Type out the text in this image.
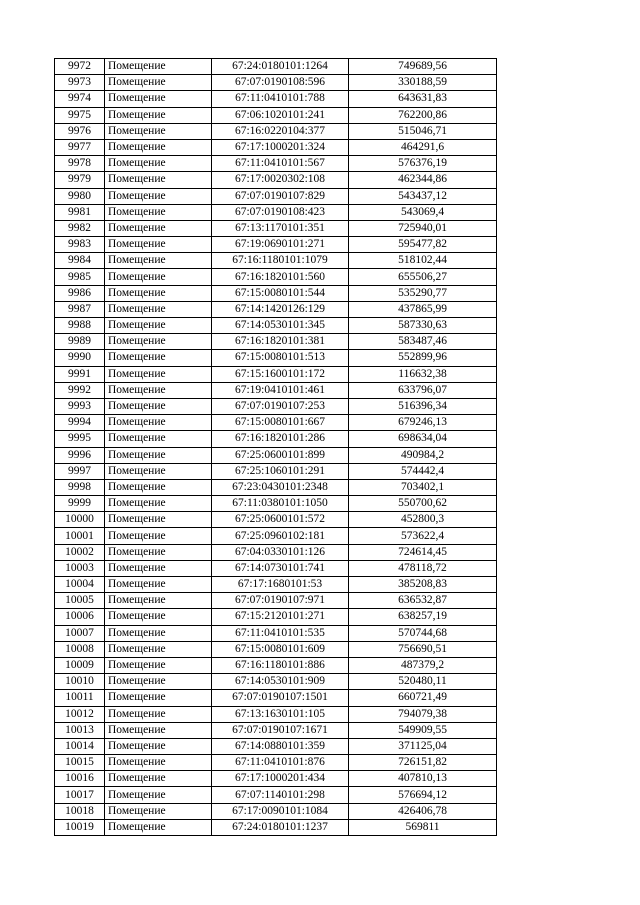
9972	Помещение	67:24:0180101:1264	749689,56
9973	Помещение	67:07:0190108:596	330188,59
9974	Помещение	67:11:0410101:788	643631,83
9975	Помещение	67:06:1020101:241	762200,86
9976	Помещение	67:16:0220104:377	515046,71
9977	Помещение	67:17:1000201:324	464291,6
9978	Помещение	67:11:0410101:567	576376,19
9979	Помещение	67:17:0020302:108	462344,86
9980	Помещение	67:07:0190107:829	543437,12
9981	Помещение	67:07:0190108:423	543069,4
9982	Помещение	67:13:1170101:351	725940,01
9983	Помещение	67:19:0690101:271	595477,82
9984	Помещение	67:16:1180101:1079	518102,44
9985	Помещение	67:16:1820101:560	655506,27
9986	Помещение	67:15:0080101:544	535290,77
9987	Помещение	67:14:1420126:129	437865,99
9988	Помещение	67:14:0530101:345	587330,63
9989	Помещение	67:16:1820101:381	583487,46
9990	Помещение	67:15:0080101:513	552899,96
9991	Помещение	67:15:1600101:172	116632,38
9992	Помещение	67:19:0410101:461	633796,07
9993	Помещение	67:07:0190107:253	516396,34
9994	Помещение	67:15:0080101:667	679246,13
9995	Помещение	67:16:1820101:286	698634,04
9996	Помещение	67:25:0600101:899	490984,2
9997	Помещение	67:25:1060101:291	574442,4
9998	Помещение	67:23:0430101:2348	703402,1
9999	Помещение	67:11:0380101:1050	550700,62
10000	Помещение	67:25:0600101:572	452800,3
10001	Помещение	67:25:0960102:181	573622,4
10002	Помещение	67:04:0330101:126	724614,45
10003	Помещение	67:14:0730101:741	478118,72
10004	Помещение	67:17:1680101:53	385208,83
10005	Помещение	67:07:0190107:971	636532,87
10006	Помещение	67:15:2120101:271	638257,19
10007	Помещение	67:11:0410101:535	570744,68
10008	Помещение	67:15:0080101:609	756690,51
10009	Помещение	67:16:1180101:886	487379,2
10010	Помещение	67:14:0530101:909	520480,11
10011	Помещение	67:07:0190107:1501	660721,49
10012	Помещение	67:13:1630101:105	794079,38
10013	Помещение	67:07:0190107:1671	549909,55
10014	Помещение	67:14:0880101:359	371125,04
10015	Помещение	67:11:0410101:876	726151,82
10016	Помещение	67:17:1000201:434	407810,13
10017	Помещение	67:07:1140101:298	576694,12
10018	Помещение	67:17:0090101:1084	426406,78
10019	Помещение	67:24:0180101:1237	569811
